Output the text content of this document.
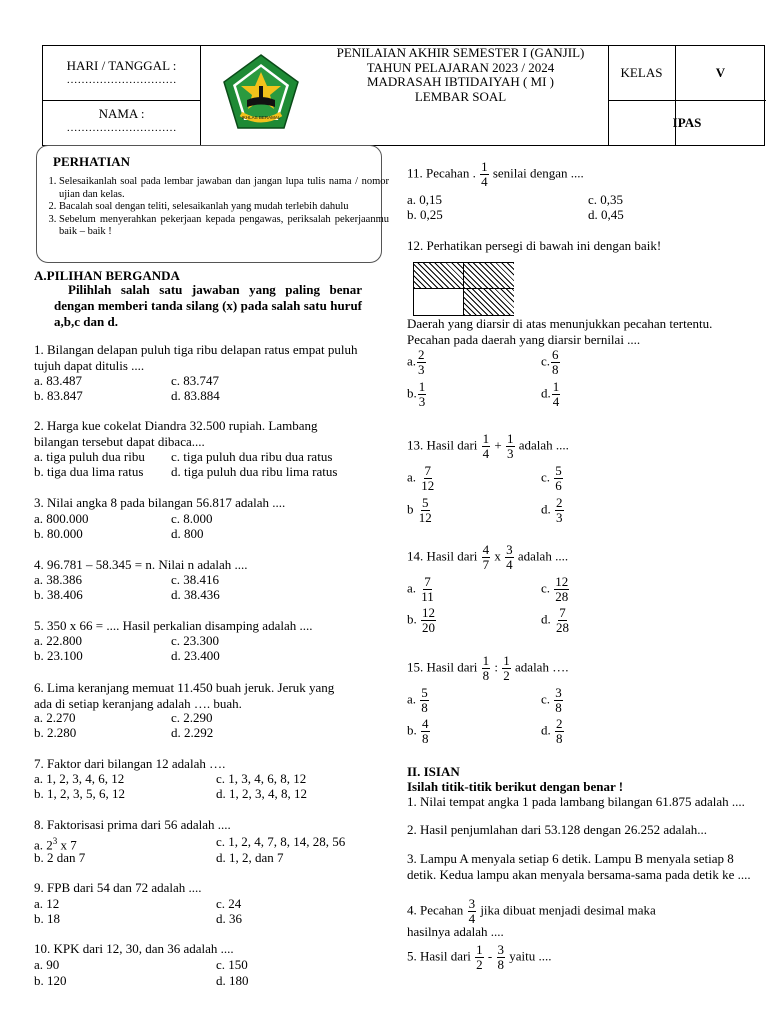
HARI / TANGGAL :
…………………………
NAMA :
…………………………
IKHLAS BERAMAL
PENILAIAN AKHIR SEMESTER I (GANJIL)
TAHUN PELAJARAN 2023 / 2024
MADRASAH IBTIDAIYAH ( MI )
LEMBAR SOAL
KELAS	V
IPAS
PERHATIAN
1. Selesaikanlah soal pada lembar jawaban dan jangan lupa tulis nama / nomor ujian dan kelas.
2. Bacalah soal dengan teliti, selesaikanlah yang mudah terlebih dahulu
3. Sebelum menyerahkan pekerjaan kepada pengawas, periksalah pekerjaanmu baik – baik !
A.PILIHAN BERGANDA
Pilihlah salah satu jawaban yang paling benar dengan memberi tanda silang (x) pada salah satu huruf a,b,c dan d.
1. Bilangan delapan puluh tiga ribu delapan ratus empat puluh tujuh dapat ditulis ....
a. 83.487
b. 83.847
c. 83.747
d. 83.884
2. Harga kue cokelat Diandra 32.500 rupiah. Lambang bilangan tersebut dapat dibaca....
a. tiga puluh dua ribu
b. tiga dua lima ratus
c. tiga puluh dua ribu dua ratus
d. tiga puluh dua ribu lima ratus
3. Nilai angka 8 pada bilangan 56.817 adalah ....
a. 800.000
b. 80.000
c. 8.000
d. 800
4. 96.781 – 58.345 = n. Nilai n adalah ....
a. 38.386
b. 38.406
c. 38.416
d. 38.436
5. 350 x 66 = .... Hasil perkalian disamping adalah ....
a. 22.800
b. 23.100
c. 23.300
d. 23.400
6. Lima keranjang memuat 11.450 buah jeruk. Jeruk yang ada di setiap keranjang adalah …. buah.
a. 2.270
b. 2.280
c. 2.290
d. 2.292
7. Faktor dari bilangan 12 adalah ….
a. 1, 2, 3, 4, 6, 12
b. 1, 2, 3, 5, 6, 12
c. 1, 3, 4, 6, 8, 12
d. 1, 2, 3, 4, 8, 12
8. Faktorisasi prima dari 56 adalah ....
a. $2^3$ x 7
b. 2 dan 7
c. 1, 2, 4, 7, 8, 14, 28, 56
d. 1, 2, dan 7
9. FPB dari 54 dan 72 adalah ....
a. 12
b. 18
c. 24
d. 36
10. KPK dari 12, 30, dan 36 adalah ....
a. 90
b. 120
c. 150
d. 180
11. Pecahan . $\frac{1}{4}$ senilai dengan ....
a. 0,15
b. 0,25
c. 0,35
d. 0,45
12. Perhatikan persegi di bawah ini dengan baik!
Daerah yang diarsir di atas menunjukkan pecahan tertentu. Pecahan pada daerah yang diarsir bernilai ....
a. $\frac{2}{3}$
b. $\frac{1}{3}$
c. $\frac{6}{8}$
d. $\frac{1}{4}$
13. Hasil dari $\frac{1}{4} + \frac{1}{3}$ adalah ....
a. $\frac{7}{12}$
b $\frac{5}{12}$
c. $\frac{5}{6}$
d. $\frac{2}{3}$
14. Hasil dari $\frac{4}{7}$ x $\frac{3}{4}$ adalah ....
a. $\frac{7}{11}$
b. $\frac{12}{20}$
c. $\frac{12}{28}$
d. $\frac{7}{28}$
15. Hasil dari $\frac{1}{8}$ : $\frac{1}{2}$ adalah ….
a. $\frac{5}{8}$
b. $\frac{4}{8}$
c. $\frac{3}{8}$
d. $\frac{2}{8}$
II. ISIAN
Isilah titik-titik berikut dengan benar !
1. Nilai tempat angka 1 pada lambang bilangan 61.875 adalah ....
2. Hasil penjumlahan dari 53.128 dengan 26.252 adalah...
3. Lampu A menyala setiap 6 detik. Lampu B menyala setiap 8 detik. Kedua lampu akan menyala bersama-sama pada detik ke ....
4. Pecahan $\frac{3}{4}$ jika dibuat menjadi desimal maka
hasilnya adalah ....
5. Hasil dari $\frac{1}{2} - \frac{3}{8}$ yaitu ....
